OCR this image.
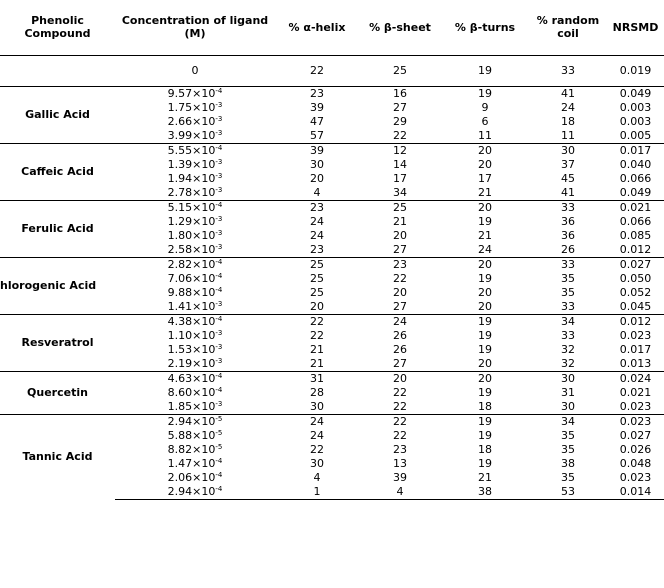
Phenolic Compound	Concentration of ligand (M)	% α-helix	% β-sheet	% β-turns	% random coil	NRSMD
	0	22	25	19	33	0.019
Gallic Acid	$9.57\times 10^{-4}$	23	16	19	41	0.049
	$1.75\times 10^{-3}$	39	27	9	24	0.003
	$2.66\times 10^{-3}$	47	29	6	18	0.003
	$3.99\times 10^{-3}$	57	22	11	11	0.005
Caffeic Acid	$5.55\times 10^{-4}$	39	12	20	30	0.017
	$1.39\times 10^{-3}$	30	14	20	37	0.040
	$1.94\times 10^{-3}$	20	17	17	45	0.066
	$2.78\times 10^{-3}$	4	34	21	41	0.049
Ferulic Acid	$5.15\times 10^{-4}$	23	25	20	33	0.021
	$1.29\times 10^{-3}$	24	21	19	36	0.066
	$1.80\times 10^{-3}$	24	20	21	36	0.085
	$2.58\times 10^{-3}$	23	27	24	26	0.012
hlorogenic Acid	$2.82\times 10^{-4}$	25	23	20	33	0.027
	$7.06\times 10^{-4}$	25	22	19	35	0.050
	$9.88\times 10^{-4}$	25	20	20	35	0.052
	$1.41\times 10^{-3}$	20	27	20	33	0.045
Resveratrol	$4.38\times 10^{-4}$	22	24	19	34	0.012
	$1.10\times 10^{-3}$	22	26	19	33	0.023
	$1.53\times 10^{-3}$	21	26	19	32	0.017
	$2.19\times 10^{-3}$	21	27	20	32	0.013
Quercetin	$4.63\times 10^{-4}$	31	20	20	30	0.024
	$8.60\times 10^{-4}$	28	22	19	31	0.021
	$1.85\times 10^{-3}$	30	22	18	30	0.023
Tannic Acid	$2.94\times 10^{-5}$	24	22	19	34	0.023
	$5.88\times 10^{-5}$	24	22	19	35	0.027
	$8.82\times 10^{-5}$	22	23	18	35	0.026
	$1.47\times 10^{-4}$	30	13	19	38	0.048
	$2.06\times 10^{-4}$	4	39	21	35	0.023
	$2.94\times 10^{-4}$	1	4	38	53	0.014
